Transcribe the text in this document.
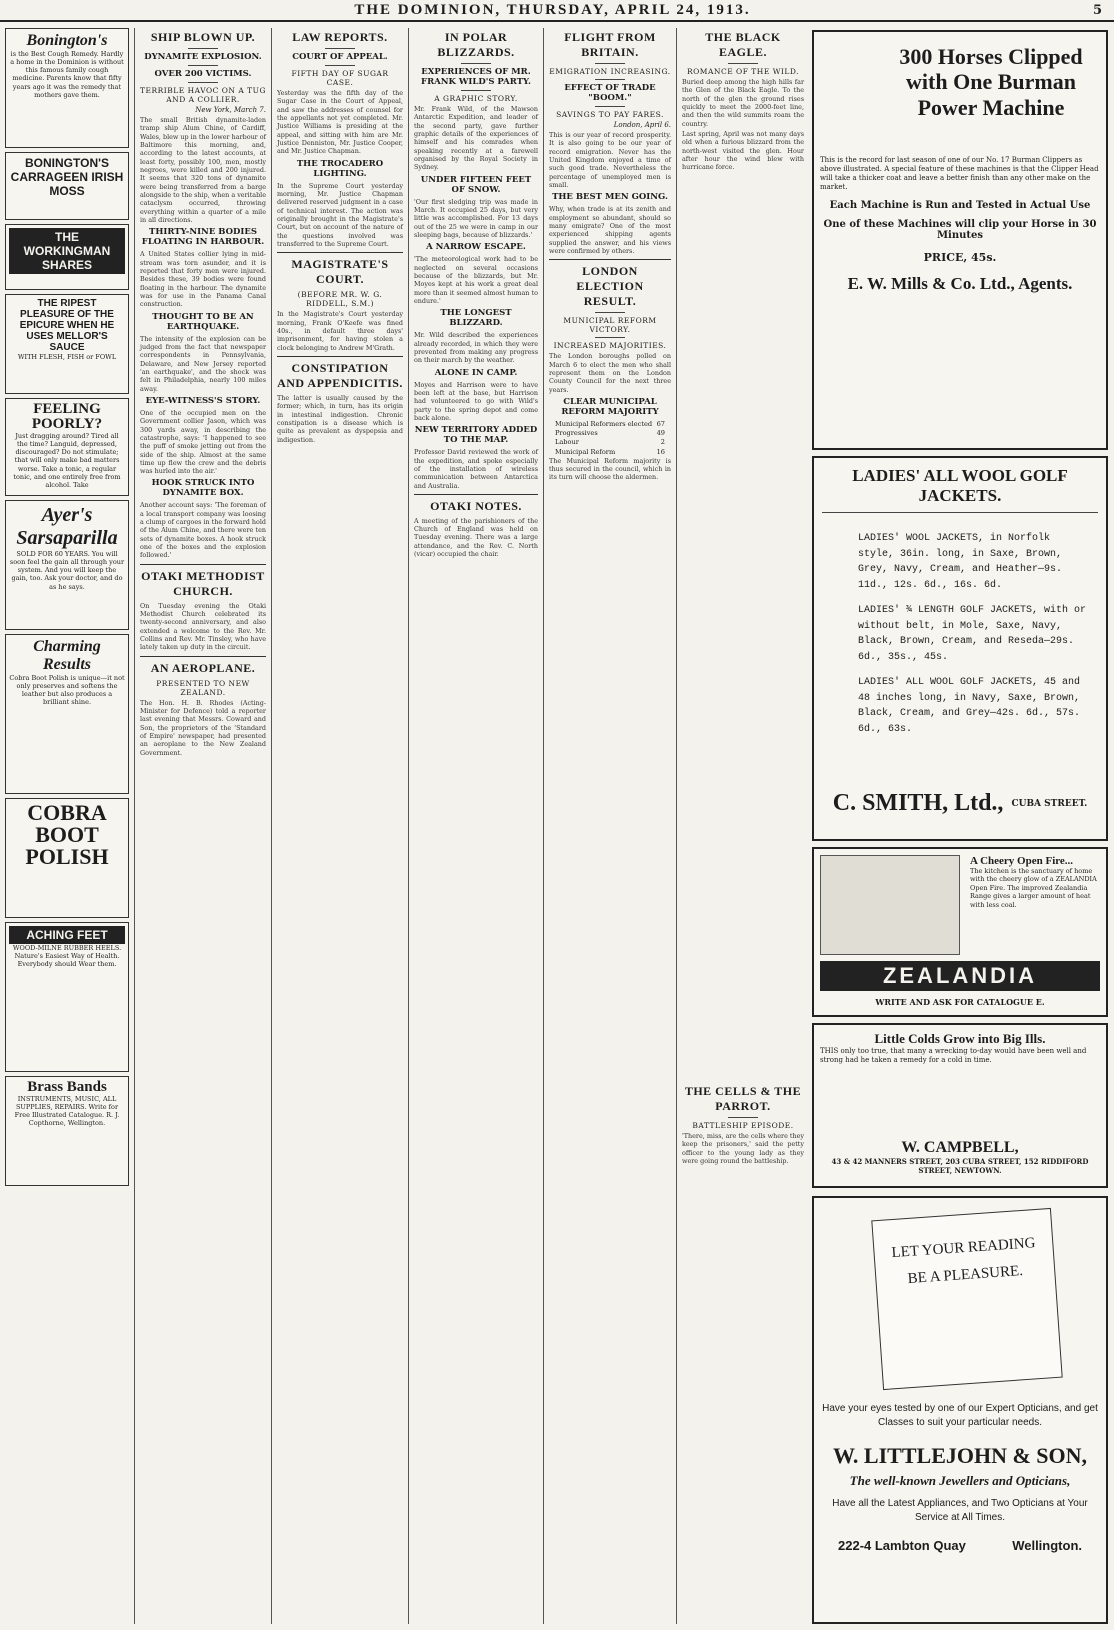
THE DOMINION, THURSDAY, APRIL 24, 1913.	5
Bonington's
is the Best Cough Remedy. Hardly a home in the Dominion is without this famous family cough medicine. Parents know that fifty years ago it was the remedy that mothers gave them.
BONINGTON'S CARRAGEEN IRISH MOSS
THE WORKINGMAN SHARES
THE RIPEST PLEASURE OF THE EPICURE WHEN HE USES MELLOR'S SAUCE
WITH FLESH, FISH or FOWL
FEELING POORLY?
Just dragging around? Tired all the time? Languid, depressed, discouraged? Do not stimulate; that will only make bad matters worse. Take a tonic, a regular tonic, and one entirely free from alcohol. Take
Ayer's Sarsaparilla
SOLD FOR 60 YEARS. You will soon feel the gain all through your system. And you will keep the gain, too. Ask your doctor, and do as he says.
Charming Results
Cobra Boot Polish is unique—it not only preserves and softens the leather but also produces a brilliant shine.
COBRA BOOT POLISH
ACHING FEET
WOOD-MILNE RUBBER HEELS. Nature's Easiest Way of Health. Everybody should Wear them.
Brass Bands
INSTRUMENTS, MUSIC, ALL SUPPLIES, REPAIRS. Write for Free Illustrated Catalogue. R. J. Copthorne, Wellington.
SHIP BLOWN UP.
DYNAMITE EXPLOSION.
OVER 200 VICTIMS.
TERRIBLE HAVOC ON A TUG AND A COLLIER.
New York, March 7.
The small British dynamite-laden tramp ship Alum Chine, of Cardiff, Wales, blew up in the lower harbour of Baltimore this morning, and, according to the latest accounts, at least forty, possibly 100, men, mostly negroes, were killed and 200 injured. It seems that 320 tons of dynamite were being transferred from a barge alongside to the ship, when a veritable cataclysm occurred, throwing everything within a quarter of a mile in all directions.
THIRTY-NINE BODIES FLOATING IN HARBOUR.
A United States collier lying in mid-stream was torn asunder, and it is reported that forty men were injured. Besides these, 39 bodies were found floating in the harbour. The dynamite was for use in the Panama Canal construction.
THOUGHT TO BE AN EARTHQUAKE.
The intensity of the explosion can be judged from the fact that newspaper correspondents in Pennsylvania, Delaware, and New Jersey reported 'an earthquake', and the shock was felt in Philadelphia, nearly 100 miles away.
EYE-WITNESS'S STORY.
One of the occupied men on the Government collier Jason, which was 300 yards away, in describing the catastrophe, says: 'I happened to see the puff of smoke jetting out from the side of the ship. Almost at the same time up flew the crew and the debris was hurled into the air.'
HOOK STRUCK INTO DYNAMITE BOX.
Another account says: 'The foreman of a local transport company was loosing a clump of cargoes in the forward hold of the Alum Chine, and there were ten sets of dynamite boxes. A hook struck one of the boxes and the explosion followed.'
OTAKI METHODIST CHURCH.
On Tuesday evening the Otaki Methodist Church celebrated its twenty-second anniversary, and also extended a welcome to the Rev. Mr. Collins and Rev. Mr. Tinsley, who have lately taken up duty in the circuit.
AN AEROPLANE.
PRESENTED TO NEW ZEALAND.
The Hon. H. B. Rhodes (Acting-Minister for Defence) told a reporter last evening that Messrs. Coward and Son, the proprietors of the 'Standard of Empire' newspaper, had presented an aeroplane to the New Zealand Government.
LAW REPORTS.
COURT OF APPEAL.
FIFTH DAY OF SUGAR CASE.
Yesterday was the fifth day of the Sugar Case in the Court of Appeal, and saw the addresses of counsel for the appellants not yet completed. Mr. Justice Williams is presiding at the appeal, and sitting with him are Mr. Justice Denniston, Mr. Justice Cooper, and Mr. Justice Chapman.
THE TROCADERO LIGHTING.
In the Supreme Court yesterday morning, Mr. Justice Chapman delivered reserved judgment in a case of technical interest. The action was originally brought in the Magistrate's Court, but on account of the nature of the questions involved was transferred to the Supreme Court.
MAGISTRATE'S COURT.
(BEFORE MR. W. G. RIDDELL, S.M.)
In the Magistrate's Court yesterday morning, Frank O'Keefe was fined 40s., in default three days' imprisonment, for having stolen a clock belonging to Andrew M'Grath.
CONSTIPATION AND APPENDICITIS.
The latter is usually caused by the former; which, in turn, has its origin in intestinal indigestion. Chronic constipation is a disease which is quite as prevalent as dyspepsia and indigestion.
IN POLAR BLIZZARDS.
EXPERIENCES OF MR. FRANK WILD'S PARTY.
A GRAPHIC STORY.
Mr. Frank Wild, of the Mawson Antarctic Expedition, and leader of the second party, gave further graphic details of the experiences of himself and his comrades when speaking recently at a farewell organised by the Royal Society in Sydney.
UNDER FIFTEEN FEET OF SNOW.
'Our first sledging trip was made in March. It occupied 25 days, but very little was accomplished. For 13 days out of the 25 we were in camp in our sleeping bags, because of blizzards.'
A NARROW ESCAPE.
'The meteorological work had to be neglected on several occasions because of the blizzards, but Mr. Moyes kept at his work a great deal more than it seemed almost human to endure.'
THE LONGEST BLIZZARD.
Mr. Wild described the experiences already recorded, in which they were prevented from making any progress on their march by the weather.
ALONE IN CAMP.
Moyes and Harrison were to have been left at the base, but Harrison had volunteered to go with Wild's party to the spring depot and come back alone.
NEW TERRITORY ADDED TO THE MAP.
Professor David reviewed the work of the expedition, and spoke especially of the installation of wireless communication between Antarctica and Australia.
OTAKI NOTES.
A meeting of the parishioners of the Church of England was held on Tuesday evening. There was a large attendance, and the Rev. C. North (vicar) occupied the chair.
FLIGHT FROM BRITAIN.
EMIGRATION INCREASING.
EFFECT OF TRADE "BOOM."
SAVINGS TO PAY FARES.
London, April 6.
This is our year of record prosperity. It is also going to be our year of record emigration. Never has the United Kingdom enjoyed a time of such good trade. Nevertheless the percentage of unemployed men is small.
THE BEST MEN GOING.
Why, when trade is at its zenith and employment so abundant, should so many emigrate? One of the most experienced shipping agents supplied the answer, and his views were confirmed by others.
LONDON ELECTION RESULT.
MUNICIPAL REFORM VICTORY.
INCREASED MAJORITIES.
The London boroughs polled on March 6 to elect the men who shall represent them on the London County Council for the next three years.
CLEAR MUNICIPAL REFORM MAJORITY
Municipal Reformers elected 67
Progressives	49
Labour	2
Municipal Reform	16
The Municipal Reform majority is thus secured in the council, which in its turn will choose the aldermen.
THE BLACK EAGLE.
ROMANCE OF THE WILD.
Buried deep among the high hills far the Glen of the Black Eagle. To the north of the glen the ground rises quickly to meet the 2000-feet line, and then the wild summits roam the country.
Last spring, April was not many days old when a furious blizzard from the north-west visited the glen. Hour after hour the wind blew with hurricane force.
THE CELLS & THE PARROT.
BATTLESHIP EPISODE.
'There, miss, are the cells where they keep the prisoners,' said the petty officer to the young lady as they were going round the battleship.
300 Horses Clipped with One Burman Power Machine
This is the record for last season of one of our No. 17 Burman Clippers as above illustrated. A special feature of these machines is that the Clipper Head will take a thicker coat and leave a better finish than any other make on the market.
Each Machine is Run and Tested in Actual Use
One of these Machines will clip your Horse in 30 Minutes
PRICE, 45s.
E. W. Mills & Co. Ltd., Agents.
LADIES' ALL WOOL GOLF JACKETS.
LADIES' WOOL JACKETS, in Norfolk style, 36in. long, in Saxe, Brown, Grey, Navy, Cream, and Heather—9s. 11d., 12s. 6d., 16s. 6d.
LADIES' ¾ LENGTH GOLF JACKETS, with or without belt, in Mole, Saxe, Navy, Black, Brown, Cream, and Reseda—29s. 6d., 35s., 45s.
LADIES' ALL WOOL GOLF JACKETS, 45 and 48 inches long, in Navy, Saxe, Brown, Black, Cream, and Grey—42s. 6d., 57s. 6d., 63s.
C. SMITH, Ltd., CUBA STREET.
A Cheery Open Fire...
The kitchen is the sanctuary of home with the cheery glow of a ZEALANDIA Open Fire. The improved Zealandia Range gives a larger amount of heat with less coal.
ZEALANDIA
WRITE AND ASK FOR CATALOGUE E.
Little Colds Grow into Big Ills.
THIS only too true, that many a wrecking to-day would have been well and strong had he taken a remedy for a cold in time.
W. CAMPBELL,
43 & 42 MANNERS STREET, 203 CUBA STREET, 152 RIDDIFORD STREET, NEWTOWN.
LET YOUR READING BE A PLEASURE.
Have your eyes tested by one of our Expert Opticians, and get Classes to suit your particular needs.
W. LITTLEJOHN & SON,
The well-known Jewellers and Opticians,
Have all the Latest Appliances, and Two Opticians at Your Service at All Times.
222-4 Lambton Quay	Wellington.
